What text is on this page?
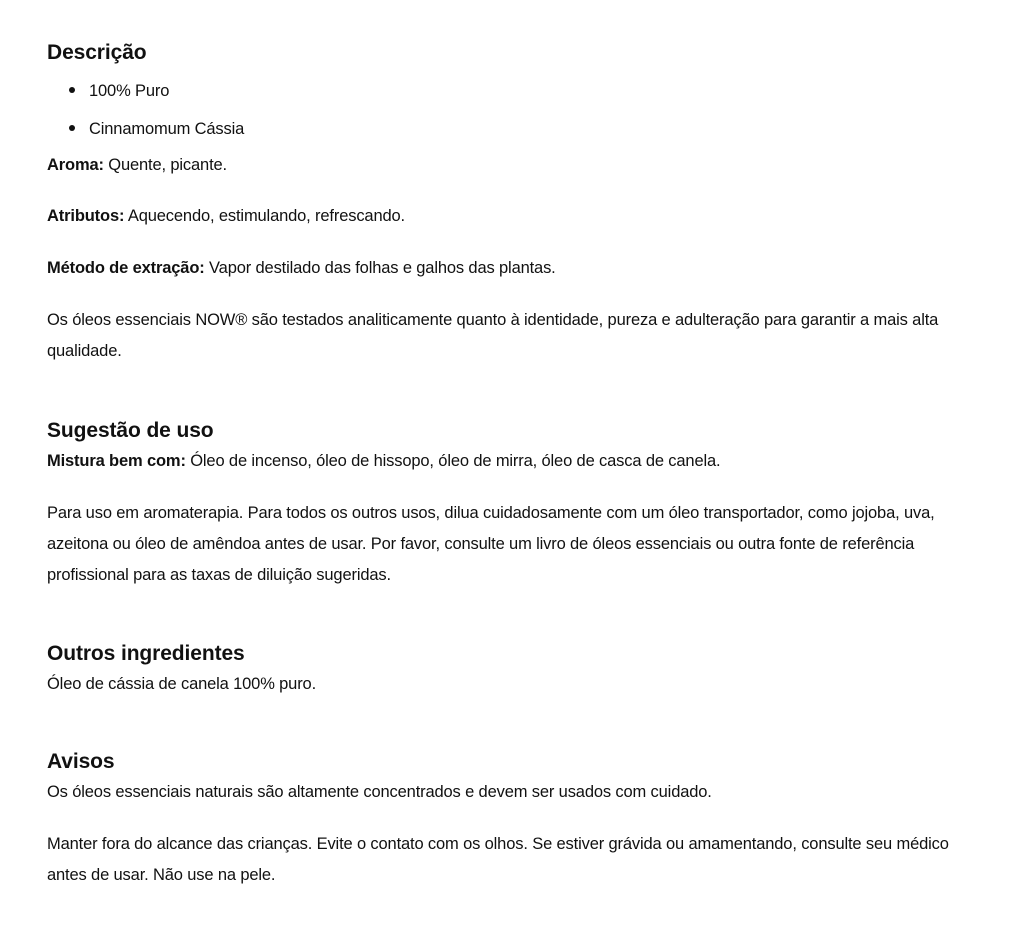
Descrição
100% Puro
Cinnamomum Cássia

Aroma: Quente, picante.

Atributos: Aquecendo, estimulando, refrescando.

Método de extração: Vapor destilado das folhas e galhos das plantas.

Os óleos essenciais NOW® são testados analiticamente quanto à identidade, pureza e adulteração para garantir a mais alta qualidade.

Sugestão de uso

Mistura bem com: Óleo de incenso, óleo de hissopo, óleo de mirra, óleo de casca de canela.

Para uso em aromaterapia. Para todos os outros usos, dilua cuidadosamente com um óleo transportador, como jojoba, uva, azeitona ou óleo de amêndoa antes de usar. Por favor, consulte um livro de óleos essenciais ou outra fonte de referência profissional para as taxas de diluição sugeridas.

Outros ingredientes

Óleo de cássia de canela 100% puro.

Avisos

Os óleos essenciais naturais são altamente concentrados e devem ser usados com cuidado.

Manter fora do alcance das crianças. Evite o contato com os olhos. Se estiver grávida ou amamentando, consulte seu médico antes de usar. Não use na pele.
